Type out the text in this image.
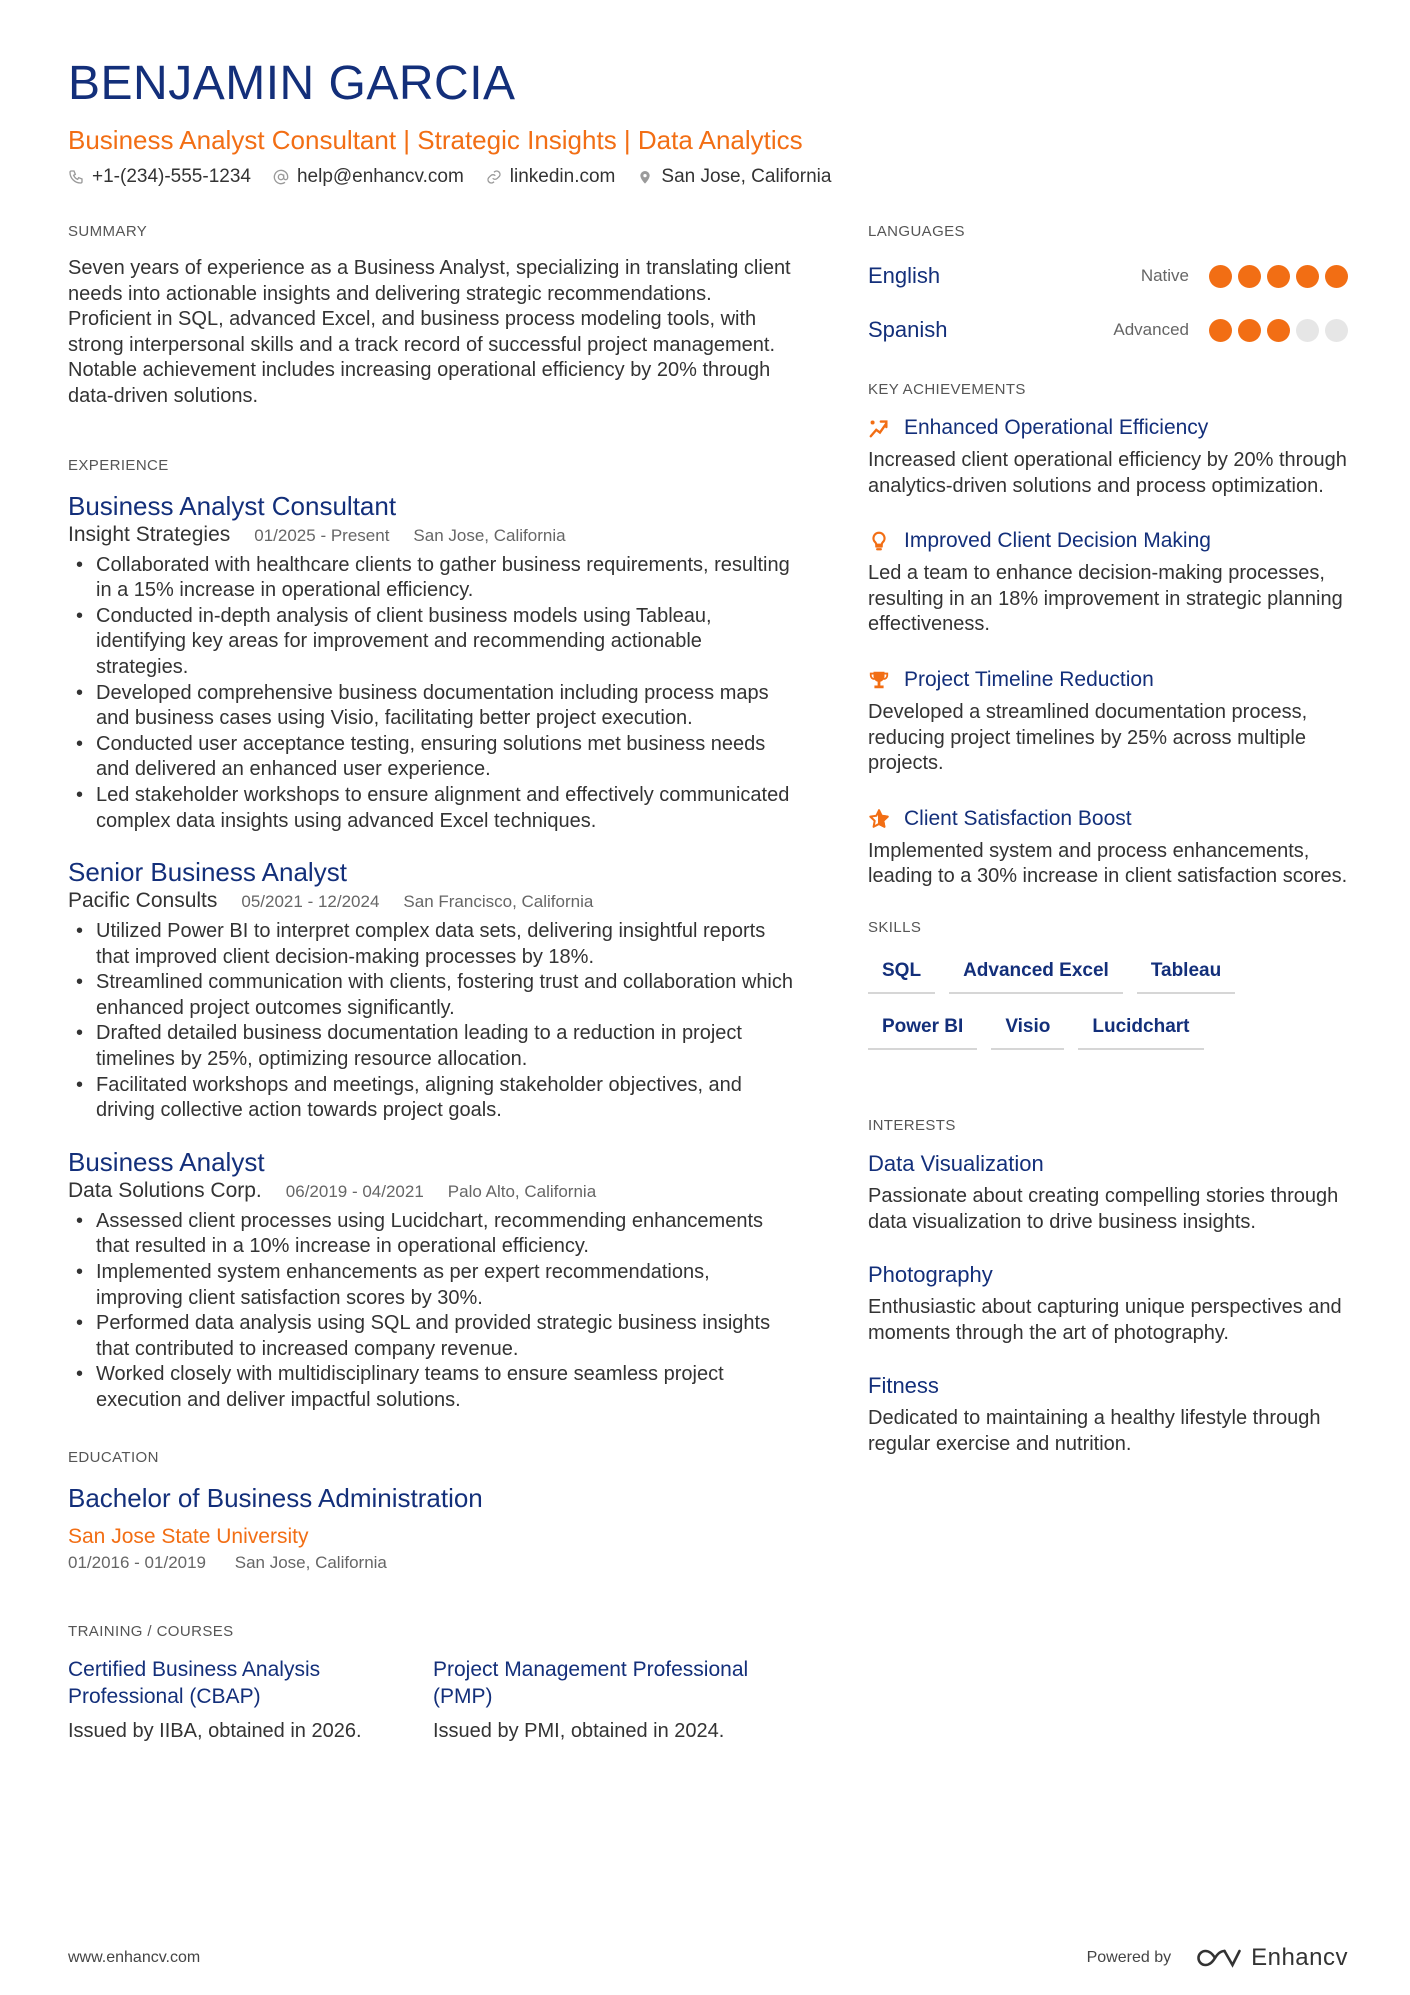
BENJAMIN GARCIA
Business Analyst Consultant | Strategic Insights | Data Analytics
+1-(234)-555-1234 help@enhancv.com linkedin.com San Jose, California
SUMMARY
Seven years of experience as a Business Analyst, specializing in translating client needs into actionable insights and delivering strategic recommendations. Proficient in SQL, advanced Excel, and business process modeling tools, with strong interpersonal skills and a track record of successful project management. Notable achievement includes increasing operational efficiency by 20% through data-driven solutions.
EXPERIENCE
Business Analyst Consultant
Insight Strategies 01/2025 - Present San Jose, California
• Collaborated with healthcare clients to gather business requirements, resulting in a 15% increase in operational efficiency.
• Conducted in-depth analysis of client business models using Tableau, identifying key areas for improvement and recommending actionable strategies.
• Developed comprehensive business documentation including process maps and business cases using Visio, facilitating better project execution.
• Conducted user acceptance testing, ensuring solutions met business needs and delivered an enhanced user experience.
• Led stakeholder workshops to ensure alignment and effectively communicated complex data insights using advanced Excel techniques.
Senior Business Analyst
Pacific Consults 05/2021 - 12/2024 San Francisco, California
• Utilized Power BI to interpret complex data sets, delivering insightful reports that improved client decision-making processes by 18%.
• Streamlined communication with clients, fostering trust and collaboration which enhanced project outcomes significantly.
• Drafted detailed business documentation leading to a reduction in project timelines by 25%, optimizing resource allocation.
• Facilitated workshops and meetings, aligning stakeholder objectives, and driving collective action towards project goals.
Business Analyst
Data Solutions Corp. 06/2019 - 04/2021 Palo Alto, California
• Assessed client processes using Lucidchart, recommending enhancements that resulted in a 10% increase in operational efficiency.
• Implemented system enhancements as per expert recommendations, improving client satisfaction scores by 30%.
• Performed data analysis using SQL and provided strategic business insights that contributed to increased company revenue.
• Worked closely with multidisciplinary teams to ensure seamless project execution and deliver impactful solutions.
EDUCATION
Bachelor of Business Administration
San Jose State University
01/2016 - 01/2019 San Jose, California
TRAINING / COURSES
Certified Business Analysis Professional (CBAP)
Issued by IIBA, obtained in 2026.
Project Management Professional (PMP)
Issued by PMI, obtained in 2024.
LANGUAGES
English	Native
Spanish	Advanced
KEY ACHIEVEMENTS
Enhanced Operational Efficiency
Increased client operational efficiency by 20% through analytics-driven solutions and process optimization.
Improved Client Decision Making
Led a team to enhance decision-making processes, resulting in an 18% improvement in strategic planning effectiveness.
Project Timeline Reduction
Developed a streamlined documentation process, reducing project timelines by 25% across multiple projects.
Client Satisfaction Boost
Implemented system and process enhancements, leading to a 30% increase in client satisfaction scores.
SKILLS
SQL	Advanced Excel	Tableau
Power BI	Visio	Lucidchart
INTERESTS
Data Visualization
Passionate about creating compelling stories through data visualization to drive business insights.
Photography
Enthusiastic about capturing unique perspectives and moments through the art of photography.
Fitness
Dedicated to maintaining a healthy lifestyle through regular exercise and nutrition.
www.enhancv.com	Powered by	Enhancv
